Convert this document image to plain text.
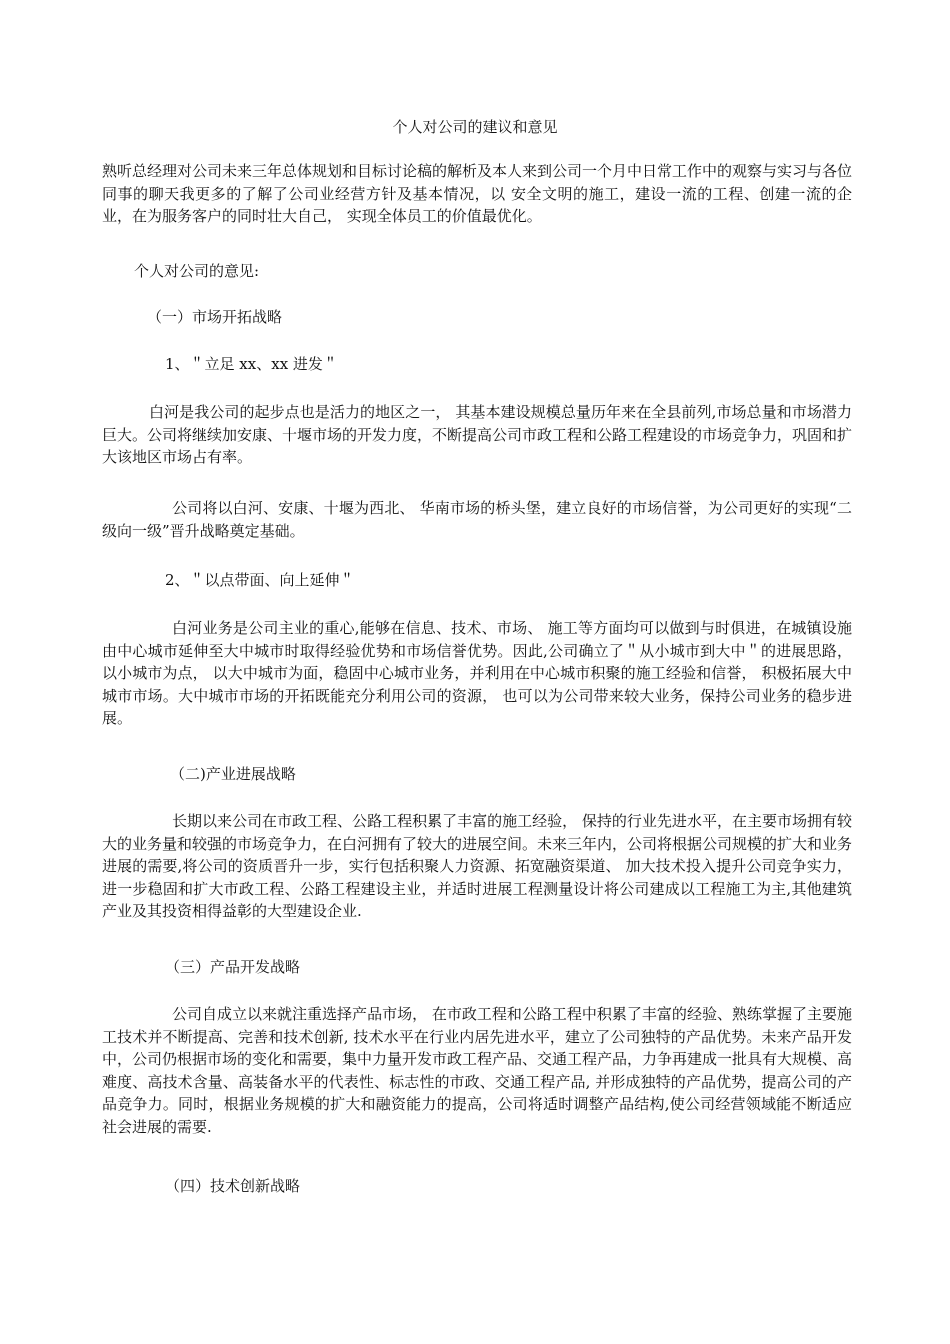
个人对公司的建议和意见
熟听总经理对公司未来三年总体规划和目标讨论稿的解析及本人来到公司一个月中日常工作中的观察与实习与各位同事的聊天我更多的了解了公司业经营方针及基本情况，以 安全文明的施工，建设一流的工程、创建一流的企业，在为服务客户的同时壮大自己， 实现全体员工的价值最优化。
个人对公司的意见:
（一）市场开拓战略
1、＂立足 xx、xx 进发＂
白河是我公司的起步点也是活力的地区之一， 其基本建设规模总量历年来在全县前列,市场总量和市场潜力巨大。公司将继续加安康、十堰市场的开发力度，不断提高公司市政工程和公路工程建设的市场竞争力，巩固和扩大该地区市场占有率。
公司将以白河、安康、十堰为西北、 华南市场的桥头堡，建立良好的市场信誉，为公司更好的实现“二级向一级”晋升战略奠定基础。
2、＂以点带面、向上延伸＂
白河业务是公司主业的重心,能够在信息、技术、市场、 施工等方面均可以做到与时俱进，在城镇设施由中心城市延伸至大中城市时取得经验优势和市场信誉优势。因此,公司确立了＂从小城市到大中＂的进展思路，以小城市为点， 以大中城市为面，稳固中心城市业务，并利用在中心城市积聚的施工经验和信誉， 积极拓展大中城市市场。大中城市市场的开拓既能充分利用公司的资源， 也可以为公司带来较大业务，保持公司业务的稳步进展。
（二)产业进展战略
长期以来公司在市政工程、公路工程积累了丰富的施工经验， 保持的行业先进水平，在主要市场拥有较大的业务量和较强的市场竞争力，在白河拥有了较大的进展空间。未来三年内，公司将根据公司规模的扩大和业务进展的需要,将公司的资质晋升一步，实行包括积聚人力资源、拓宽融资渠道、 加大技术投入提升公司竞争实力，进一步稳固和扩大市政工程、公路工程建设主业，并适时进展工程测量设计将公司建成以工程施工为主,其他建筑产业及其投资相得益彰的大型建设企业.
（三）产品开发战略
公司自成立以来就注重选择产品市场， 在市政工程和公路工程中积累了丰富的经验、熟练掌握了主要施工技术并不断提高、完善和技术创新, 技术水平在行业内居先进水平，建立了公司独特的产品优势。未来产品开发中，公司仍根据市场的变化和需要，集中力量开发市政工程产品、交通工程产品，力争再建成一批具有大规模、高难度、高技术含量、高装备水平的代表性、标志性的市政、交通工程产品, 并形成独特的产品优势，提高公司的产品竞争力。同时，根据业务规模的扩大和融资能力的提高，公司将适时调整产品结构,使公司经营领域能不断适应社会进展的需要.
（四）技术创新战略
